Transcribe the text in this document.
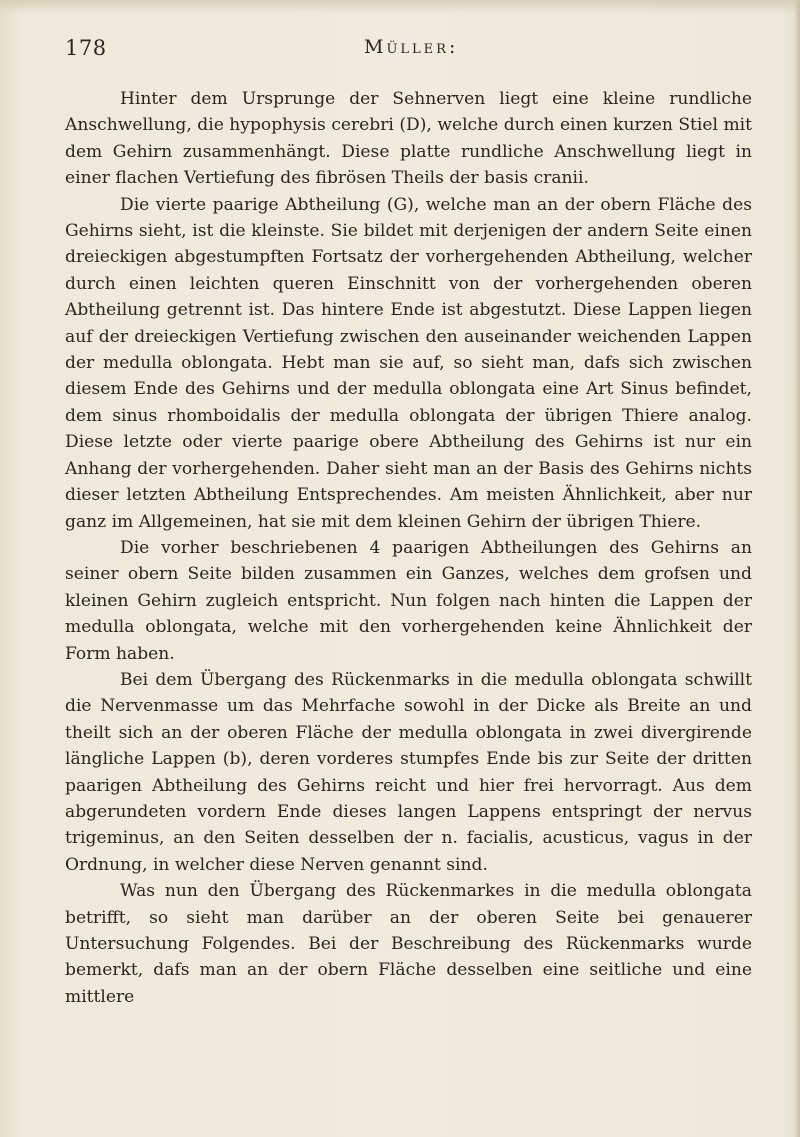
178	Müller:

Hinter dem Ursprunge der Sehnerven liegt eine kleine rundliche Anschwellung, die hypophysis cerebri (D), welche durch einen kurzen Stiel mit dem Gehirn zusammenhängt. Diese platte rundliche Anschwellung liegt in einer flachen Vertiefung des fibrösen Theils der basis cranii.

Die vierte paarige Abtheilung (G), welche man an der obern Fläche des Gehirns sieht, ist die kleinste. Sie bildet mit derjenigen der andern Seite einen dreieckigen abgestumpften Fortsatz der vorhergehenden Abtheilung, welcher durch einen leichten queren Einschnitt von der vorhergehenden oberen Abtheilung getrennt ist. Das hintere Ende ist abgestutzt. Diese Lappen liegen auf der dreieckigen Vertiefung zwischen den auseinander weichenden Lappen der medulla oblongata. Hebt man sie auf, so sieht man, dafs sich zwischen diesem Ende des Gehirns und der medulla oblongata eine Art Sinus befindet, dem sinus rhomboidalis der medulla oblongata der übrigen Thiere analog. Diese letzte oder vierte paarige obere Abtheilung des Gehirns ist nur ein Anhang der vorhergehenden. Daher sieht man an der Basis des Gehirns nichts dieser letzten Abtheilung Entsprechendes. Am meisten Ähnlichkeit, aber nur ganz im Allgemeinen, hat sie mit dem kleinen Gehirn der übrigen Thiere.

Die vorher beschriebenen 4 paarigen Abtheilungen des Gehirns an seiner obern Seite bilden zusammen ein Ganzes, welches dem grofsen und kleinen Gehirn zugleich entspricht. Nun folgen nach hinten die Lappen der medulla oblongata, welche mit den vorhergehenden keine Ähnlichkeit der Form haben.

Bei dem Übergang des Rückenmarks in die medulla oblongata schwillt die Nervenmasse um das Mehrfache sowohl in der Dicke als Breite an und theilt sich an der oberen Fläche der medulla oblongata in zwei divergirende längliche Lappen (b), deren vorderes stumpfes Ende bis zur Seite der dritten paarigen Abtheilung des Gehirns reicht und hier frei hervorragt. Aus dem abgerundeten vordern Ende dieses langen Lappens entspringt der nervus trigeminus, an den Seiten desselben der n. facialis, acusticus, vagus in der Ordnung, in welcher diese Nerven genannt sind.

Was nun den Übergang des Rückenmarkes in die medulla oblongata betrifft, so sieht man darüber an der oberen Seite bei genauerer Untersuchung Folgendes. Bei der Beschreibung des Rückenmarks wurde bemerkt, dafs man an der obern Fläche desselben eine seitliche und eine mittlere
